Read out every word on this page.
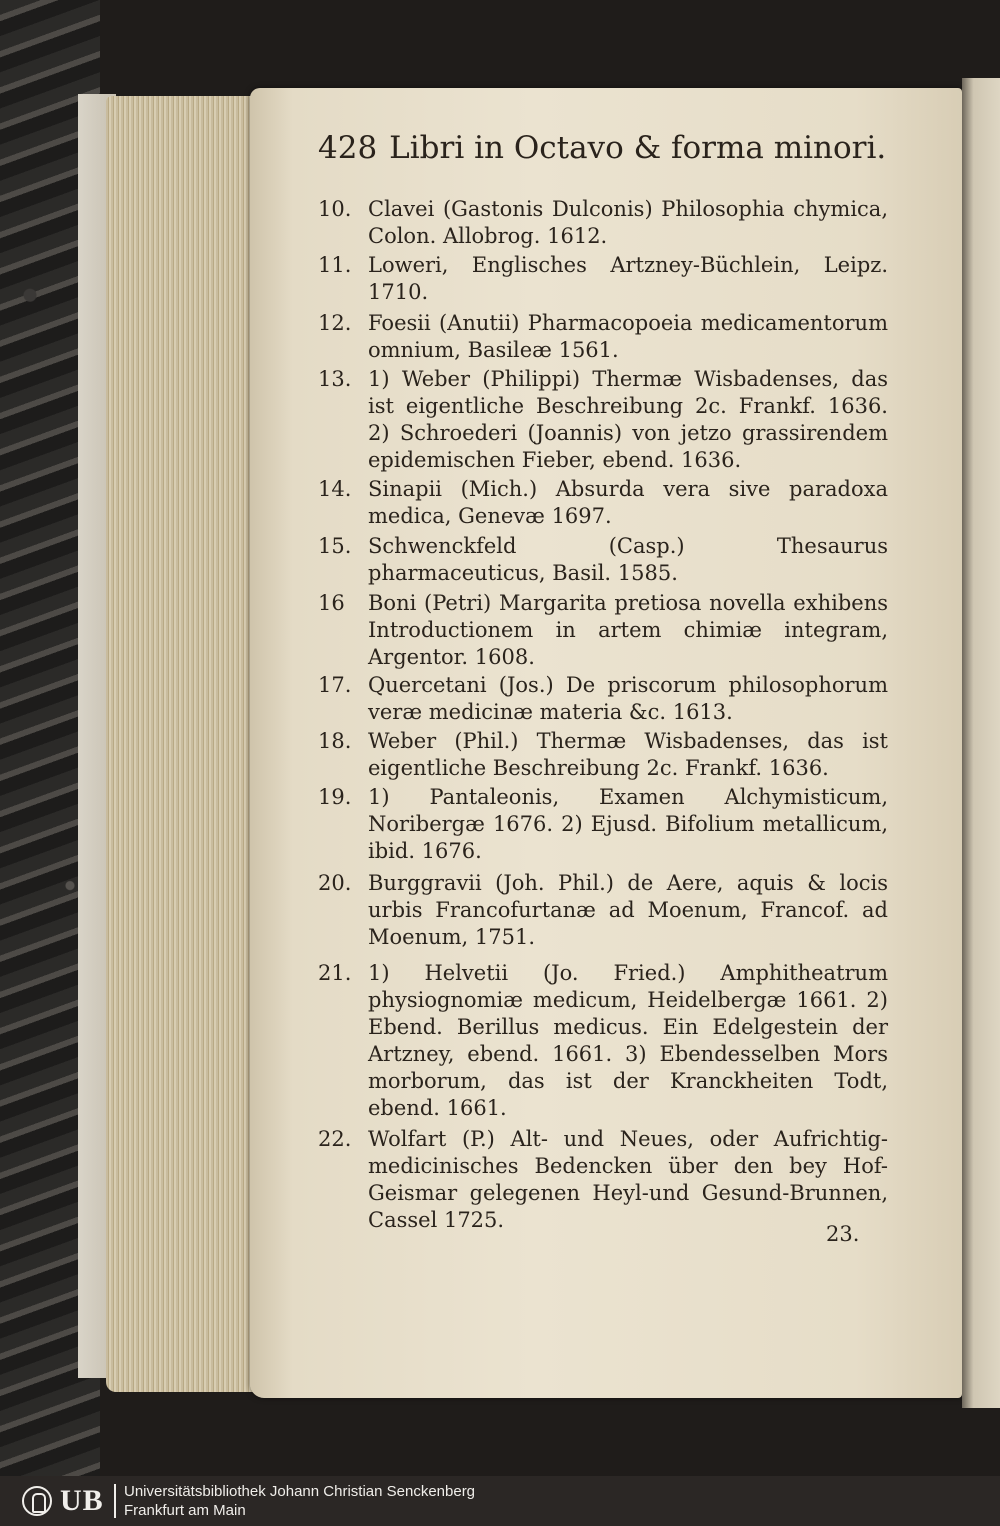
428 Libri in Octavo & forma minori.
10. Clavei (Gastonis Dulconis) Philosophia chymica, Colon. Allobrog. 1612.
11. Loweri, Englisches Artzney-Büchlein, Leipz. 1710.
12. Foesii (Anutii) Pharmacopoeia medicamentorum omnium, Basileæ 1561.
13. 1) Weber (Philippi) Thermæ Wisbadenses, das ist eigentliche Beschreibung 2c. Frankf. 1636. 2) Schroederi (Joannis) von jetzo grassirendem epidemischen Fieber, ebend. 1636.
14. Sinapii (Mich.) Absurda vera sive paradoxa medica, Genevæ 1697.
15. Schwenckfeld (Casp.) Thesaurus pharmaceuticus, Basil. 1585.
16	Boni (Petri) Margarita pretiosa novella exhibens Introductionem in artem chimiæ integram, Argentor. 1608.
17. Quercetani (Jos.) De priscorum philosophorum veræ medicinæ materia &c. 1613.
18. Weber (Phil.) Thermæ Wisbadenses, das ist eigentliche Beschreibung 2c. Frankf. 1636.
19. 1) Pantaleonis, Examen Alchymisticum, Noribergæ 1676. 2) Ejusd. Bifolium metallicum, ibid. 1676.
20. Burggravii (Joh. Phil.) de Aere, aquis & locis urbis Francofurtanæ ad Moenum, Francof. ad Moenum, 1751.
21. 1) Helvetii (Jo. Fried.) Amphitheatrum physiognomiæ medicum, Heidelbergæ 1661. 2) Ebend. Berillus medicus. Ein Edelgestein der Artzney, ebend. 1661. 3) Ebendesselben Mors morborum, das ist der Kranckheiten Todt, ebend. 1661.
22. Wolfart (P.) Alt- und Neues, oder Aufrichtig-medicinisches Bedencken über den bey Hof-Geismar gelegenen Heyl-und Gesund-Brunnen, Cassel 1725.
23.
UB Universitätsbibliothek Johann Christian Senckenberg
Frankfurt am Main
